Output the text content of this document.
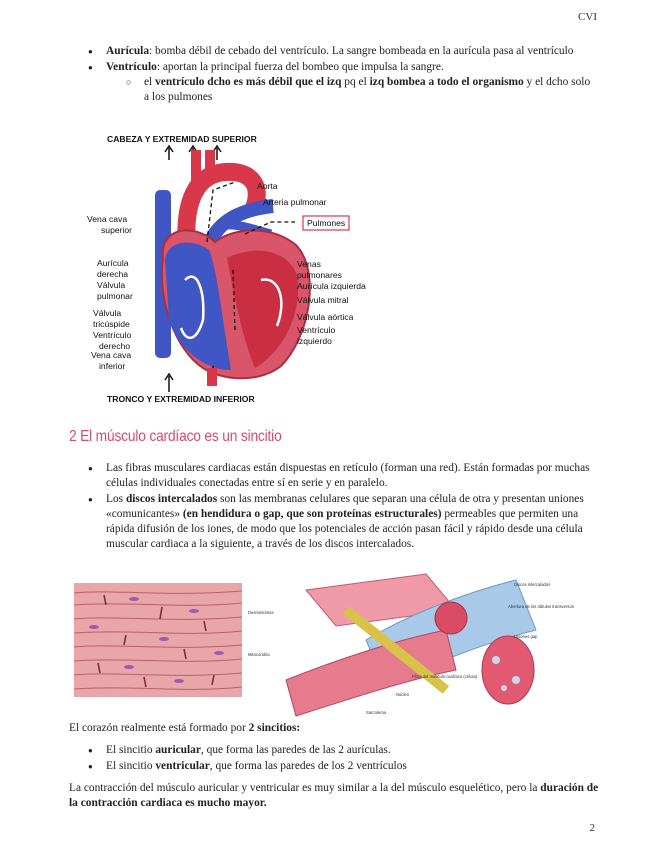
CVI
● Aurícula: bomba débil de cebado del ventrículo. La sangre bombeada en la aurícula pasa al ventrículo
● Ventrículo: aportan la principal fuerza del bombeo que impulsa la sangre.
○ el ventrículo dcho es más débil que el izq pq el izq bombea a todo el organismo y el dcho solo a los pulmones
CABEZA Y EXTREMIDAD SUPERIOR
Vena cava
superior
Aurícula
derecha
Válvula
pulmonar
Válvula
tricúspide
Ventrículo
derecho
Vena cava
inferior
Aorta
Arteria pulmonar
Pulmones
Venas
pulmonares
Aurícula izquierda
Válvula mitral
Válvula aórtica
Ventrículo
izquierdo
TRONCO Y EXTREMIDAD INFERIOR
2 El músculo cardíaco es un sincitio
● Las fibras musculares cardiacas están dispuestas en retículo (forman una red). Están formadas por muchas células individuales conectadas entre sí en serie y en paralelo.
● Los discos intercalados son las membranas celulares que separan una célula de otra y presentan uniones «comunicantes» (en hendidura o gap, que son proteínas estructurales) permeables que permiten una rápida difusión de los iones, de modo que los potenciales de acción pasan fácil y rápido desde una célula muscular cardiaca a la siguiente, a través de los discos intercalados.
Discos intercalados
Abertura de los túbulos transversos
Uniones gap
Desmosomas
Mitocondria
Fibra del músculo cardíaco (célula)
Núcleo
Sarcolema

El corazón realmente está formado por 2 sincitios:

● El sincitio auricular, que forma las paredes de las 2 aurículas.
● El sincitio ventricular, que forma las paredes de los 2 ventrículos

La contracción del músculo auricular y ventricular es muy similar a la del músculo esquelético, pero la duración de la contracción cardiaca es mucho mayor.

2
